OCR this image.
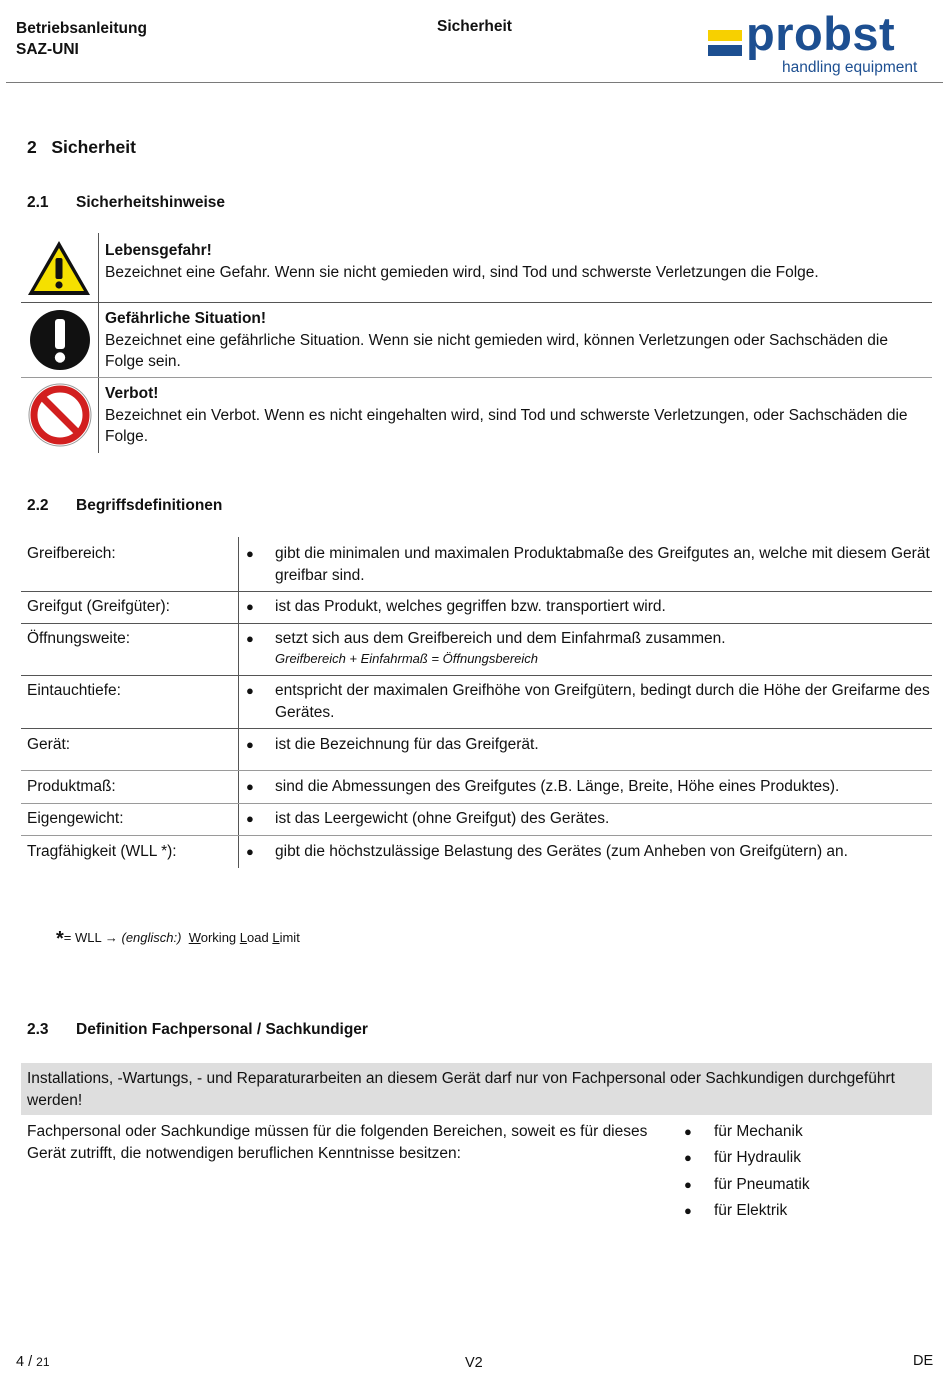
Betriebsanleitung
SAZ-UNI
Sicherheit	probst
handling equipment
2 Sicherheit
2.1 Sicherheitshinweise
Lebensgefahr!
Bezeichnet eine Gefahr. Wenn sie nicht gemieden wird, sind Tod und schwerste Verletzungen die Folge.
Gefährliche Situation!
Bezeichnet eine gefährliche Situation. Wenn sie nicht gemieden wird, können Verletzungen oder Sachschäden die Folge sein.
Verbot!
Bezeichnet ein Verbot. Wenn es nicht eingehalten wird, sind Tod und schwerste Verletzungen, oder Sachschäden die Folge.
2.2 Begriffsdefinitionen
Greifbereich:	● gibt die minimalen und maximalen Produktabmaße des Greifgutes an, welche mit diesem Gerät greifbar sind.
Greifgut (Greifgüter):	● ist das Produkt, welches gegriffen bzw. transportiert wird.
Öffnungsweite:	● setzt sich aus dem Greifbereich und dem Einfahrmaß zusammen.
Greifbereich + Einfahrmaß = Öffnungsbereich
Eintauchtiefe:	● entspricht der maximalen Greifhöhe von Greifgütern, bedingt durch die Höhe der Greifarme des Gerätes.
Gerät:	● ist die Bezeichnung für das Greifgerät.
Produktmaß:	● sind die Abmessungen des Greifgutes (z.B. Länge, Breite, Höhe eines Produktes).
Eigengewicht:	● ist das Leergewicht (ohne Greifgut) des Gerätes.
Tragfähigkeit (WLL *):	● gibt die höchstzulässige Belastung des Gerätes (zum Anheben von Greifgütern) an.
*= WLL → (englisch:) Working Load Limit
2.3 Definition Fachpersonal / Sachkundiger
Installations, -Wartungs, - und Reparaturarbeiten an diesem Gerät darf nur von Fachpersonal oder Sachkundigen durchgeführt werden!
Fachpersonal oder Sachkundige müssen für die folgenden Bereichen, soweit es für dieses Gerät zutrifft, die notwendigen beruflichen Kenntnisse besitzen:
● für Mechanik
● für Hydraulik
● für Pneumatik
● für Elektrik
4 / 21	V2	DE
